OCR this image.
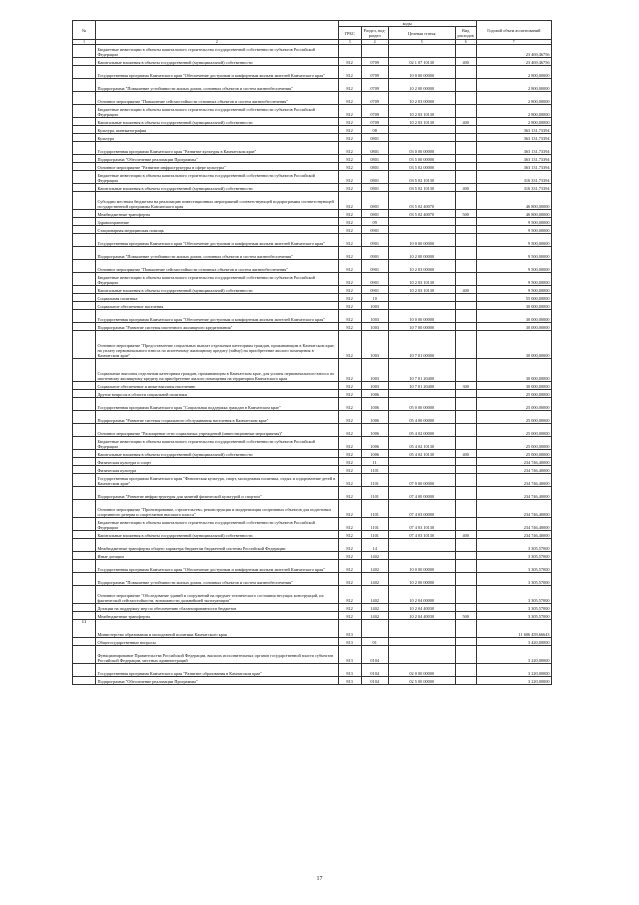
№		коды				Годовой объем ассигнований
		ГРБС	Раздел, под-раздел	Целевая статья	Вид расходов	
1	2	3	4	5	6	7
	Бюджетные инвестиции в объекты капитального строительства государственной собственности субъектов Российской Федерации					23 469,46756
	Капитальные вложения в объекты государственной (муниципальной) собственности	812	0709	02 1 07 10130	400	23 469,46756
	Государственная программа Камчатского края "Обеспечение доступным и комфортным жильем жителей Камчатского края"	812	0709	10 0 00 00000		2 800,00000
	Подпрограмма "Повышение устойчивости жилых домов, основных объектов и систем жизнеобеспечения"	812	0709	10 2 00 00000		2 800,00000
	Основное мероприятие "Повышение сейсмостойкости основных объектов и систем жизнеобеспечения"	812	0709	10 2 03 00000		2 800,00000
	Бюджетные инвестиции в объекты капитального строительства государственной собственности субъектов Российской Федерации	812	0709	10 2 03 10130		2 800,00000
	Капитальные вложения в объекты государственной (муниципальной) собственности	812	0709	10 2 03 10130	400	2 800,00000
	Культура, кинематография	812	08			363 131,73394
	Культура	812	0801			363 131,73394
	Государственная программа Камчатского края "Развитие культуры в Камчатском крае"	812	0801	03 0 00 00000		363 131,73394
	Подпрограмма "Обеспечение реализации Программы"	812	0801	03 5 00 00000		363 131,73394
	Основное мероприятие "Развитие инфраструктуры в сфере культуры"	812	0801	03 5 02 00000		363 131,73394
	Бюджетные инвестиции в объекты капитального строительства государственной собственности субъектов Российской Федерации	812	0801	03 5 02 10130		316 331,73394
	Капитальные вложения в объекты государственной (муниципальной) собственности	812	0801	03 5 02 10130	400	316 331,73394
	Субсидии местным бюджетам на реализацию инвестиционных мероприятий соответствующей подпрограммы соответствующей государственной программы Камчатского края	812	0801	03 5 02 40070		46 800,00000
	Межбюджетные трансферты	812	0801	03 5 02 40070	500	46 800,00000
	Здравоохранение	812	09			9 500,00000
	Стационарная медицинская помощь	812	0901			9 500,00000
	Государственная программа Камчатского края "Обеспечение доступным и комфортным жильем жителей Камчатского края"	812	0901	10 0 00 00000		9 500,00000
	Подпрограмма "Повышение устойчивости жилых домов, основных объектов и систем жизнеобеспечения"	812	0901	10 2 00 00000		9 500,00000
	Основное мероприятие "Повышение сейсмостойкости основных объектов и систем жизнеобеспечения"	812	0901	10 2 03 00000		9 500,00000
	Бюджетные инвестиции в объекты капитального строительства государственной собственности субъектов Российской Федерации	812	0901	10 2 03 10130		9 500,00000
	Капитальные вложения в объекты государственной (муниципальной) собственности	812	0901	10 2 03 10130	400	9 500,00000
	Социальная политика	812	10			55 000,00000
	Социальное обеспечение населения	812	1003			30 000,00000
	Государственная программа Камчатского края "Обеспечение доступным и комфортным жильем жителей Камчатского края"	812	1003	10 0 00 00000		30 000,00000
	Подпрограмма "Развитие системы ипотечного жилищного кредитования"	812	1003	10 7 00 00000		30 000,00000
	Основное мероприятие "Предоставление социальных выплат отдельным категориям граждан, проживающим в Камчатском крае, на уплату первоначального взноса по ипотечному жилищному кредиту (займу) на приобретение жилого помещения в Камчатском крае"	812	1003	10 7 01 00000		30 000,00000
	Социальные выплаты отдельным категориям граждан, проживающим в Камчатском крае, для уплаты первоначального взноса по ипотечному жилищному кредиту на приобретение жилого помещения на территории Камчатского края	812	1003	10 7 01 20400		30 000,00000
	Социальное обеспечение и иные выплаты населению	812	1003	10 7 01 20400	300	30 000,00000
	Другие вопросы в области социальной политики	812	1006			25 000,00000
	Государственная программа Камчатского края "Социальная поддержка граждан в Камчатском крае"	812	1006	05 0 00 00000		25 000,00000
	Подпрограмма "Развитие системы социального обслуживания населения в Камчатском крае"	812	1006	05 4 00 00000		25 000,00000
	Основное мероприятие "Расширение сети социальных учреждений (инвестиционные мероприятия)"	812	1006	05 4 02 00000		25 000,00000
	Бюджетные инвестиции в объекты капитального строительства государственной собственности субъектов Российской Федерации	812	1006	05 4 02 10130		25 000,00000
	Капитальные вложения в объекты государственной (муниципальной) собственности	812	1006	05 4 02 10130	400	25 000,00000
	Физическая культура и спорт	812	11			234 746,40000
	Физическая культура	812	1101			234 746,40000
	Государственная программа Камчатского края "Физическая культура, спорт, молодежная политика, отдых и оздоровление детей в Камчатском крае"	812	1101	07 0 00 00000		234 746,40000
	Подпрограмма "Развитие инфраструктуры для занятий физической культурой и спортом"	812	1101	07 4 00 00000		234 746,40000
	Основное мероприятие "Проектирование, строительство, реконструкция и модернизация спортивных объектов для подготовки спортивного резерва и спортсменов высокого класса"	812	1101	07 4 03 00000		234 746,40000
	Бюджетные инвестиции в объекты капитального строительства государственной собственности субъектов Российской Федерации	812	1101	07 4 03 10130		234 746,40000
	Капитальные вложения в объекты государственной (муниципальной) собственности	812	1101	07 4 03 10130	400	234 746,40000
	Межбюджетные трансферты общего характера бюджетам бюджетной системы Российской Федерации	812	14			3 305,57000
	Иные дотации	812	1402			3 305,57000
	Государственная программа Камчатского края "Обеспечение доступным и комфортным жильем жителей Камчатского края"	812	1402	10 0 00 00000		3 305,57000
	Подпрограмма "Повышение устойчивости жилых домов, основных объектов и систем жизнеобеспечения"	812	1402	10 2 00 00000		3 305,57000
	Основное мероприятие "Обследование зданий и сооружений на предмет технического состояния несущих конструкций, их фактической сейсмостойкости, возможности дальнейшей эксплуатации"	812	1402	10 2 04 00000		3 305,57000
	Дотации на поддержку мер по обеспечению сбалансированности бюджетов	812	1402	10 2 04 40030		3 305,57000
	Межбюджетные трансферты	812	1402	10 2 04 40030	500	3 305,57000
11	Министерство образования и молодежной политики Камчатского края	813				11 606 459,66643
	Общегосударственные вопросы	813	01			3 420,00000
	Функционирование Правительства Российской Федерации, высших исполнительных органов государственной власти субъектов Российской Федерации, местных администраций	813	0104			3 220,00000
	Государственная программа Камчатского края "Развитие образования в Камчатском крае"	813	0104	02 0 00 00000		3 220,00000
	Подпрограмма "Обеспечение реализации Программы"	813	0104	02 5 00 00000		3 220,00000
17
